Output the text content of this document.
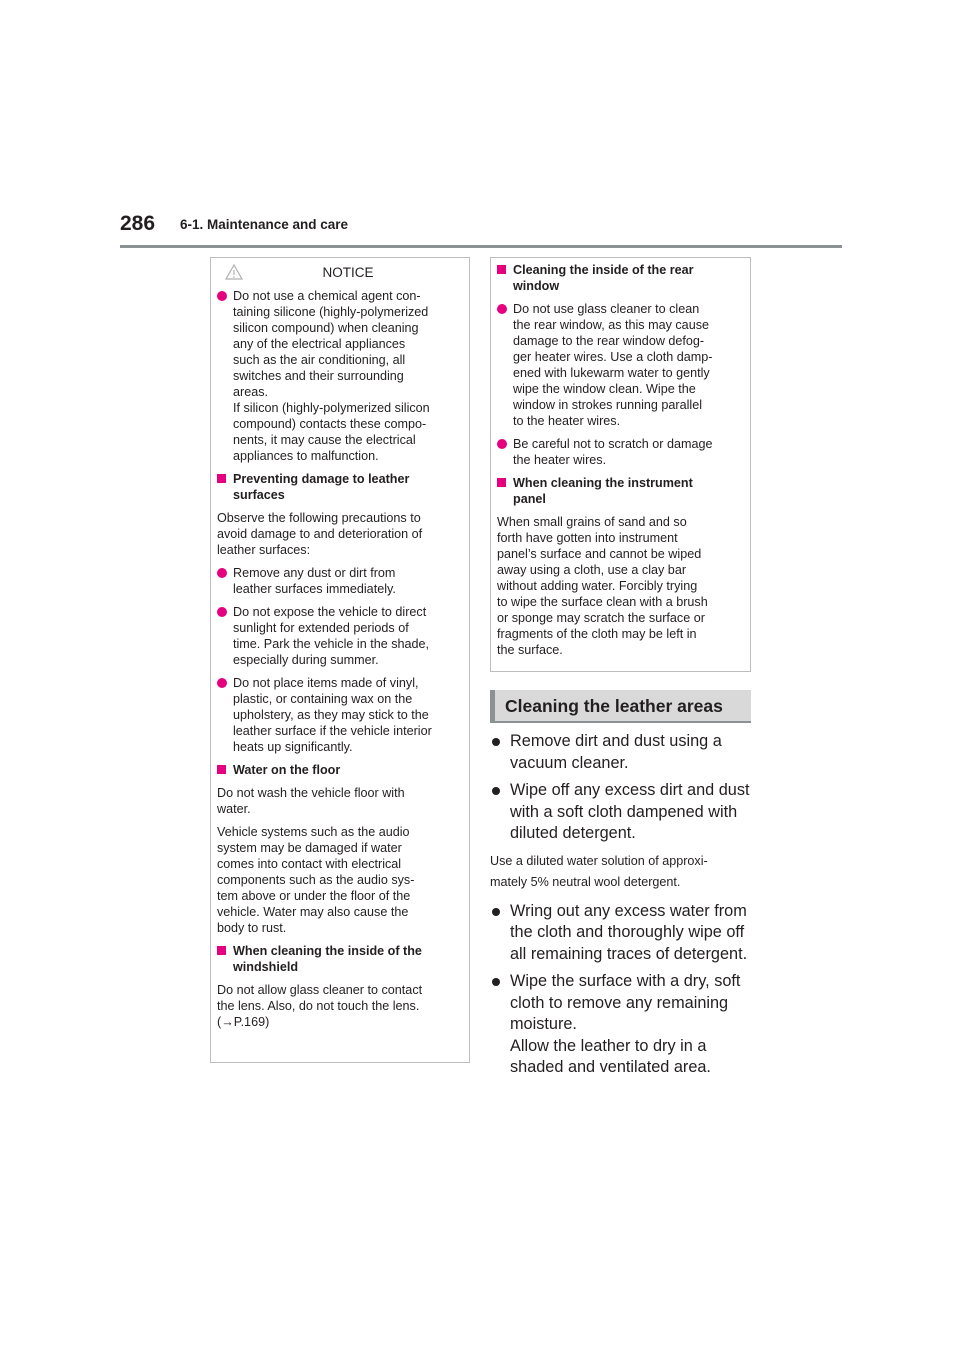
286 6-1. Maintenance and care
NOTICE
Do not use a chemical agent con-
taining silicone (highly-polymerized
silicon compound) when cleaning
any of the electrical appliances
such as the air conditioning, all
switches and their surrounding
areas.
If silicon (highly-polymerized silicon
compound) contacts these compo-
nents, it may cause the electrical
appliances to malfunction.
Preventing damage to leather
surfaces
Observe the following precautions to
avoid damage to and deterioration of
leather surfaces:
Remove any dust or dirt from
leather surfaces immediately.
Do not expose the vehicle to direct
sunlight for extended periods of
time. Park the vehicle in the shade,
especially during summer.
Do not place items made of vinyl,
plastic, or containing wax on the
upholstery, as they may stick to the
leather surface if the vehicle interior
heats up significantly.
Water on the floor
Do not wash the vehicle floor with
water.
Vehicle systems such as the audio
system may be damaged if water
comes into contact with electrical
components such as the audio sys-
tem above or under the floor of the
vehicle. Water may also cause the
body to rust.
When cleaning the inside of the
windshield
Do not allow glass cleaner to contact
the lens. Also, do not touch the lens.
(→P.169)
Cleaning the inside of the rear
window
Do not use glass cleaner to clean
the rear window, as this may cause
damage to the rear window defog-
ger heater wires. Use a cloth damp-
ened with lukewarm water to gently
wipe the window clean. Wipe the
window in strokes running parallel
to the heater wires.
Be careful not to scratch or damage
the heater wires.
When cleaning the instrument
panel
When small grains of sand and so
forth have gotten into instrument
panel’s surface and cannot be wiped
away using a cloth, use a clay bar
without adding water. Forcibly trying
to wipe the surface clean with a brush
or sponge may scratch the surface or
fragments of the cloth may be left in
the surface.
Cleaning the leather areas
Remove dirt and dust using a
vacuum cleaner.
Wipe off any excess dirt and dust
with a soft cloth dampened with
diluted detergent.
Use a diluted water solution of approxi-
mately 5% neutral wool detergent.
Wring out any excess water from
the cloth and thoroughly wipe off
all remaining traces of detergent.
Wipe the surface with a dry, soft
cloth to remove any remaining
moisture.
Allow the leather to dry in a
shaded and ventilated area.
